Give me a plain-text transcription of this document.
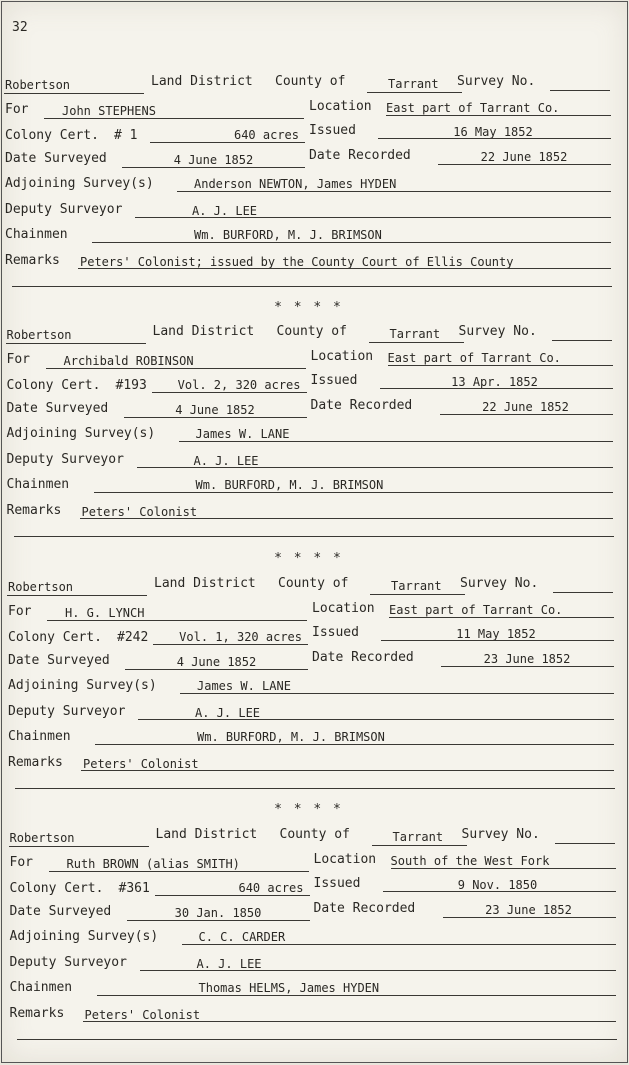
32
Robertson	Land District County of	Tarrant Survey No.
For	John STEPHENS	Location East part of Tarrant Co.
Colony Cert. # 1	640 acres Issued	16 May 1852
Date Surveyed	4 June 1852	Date Recorded	22 June 1852
Adjoining Survey(s)	Anderson NEWTON, James HYDEN
Deputy Surveyor	A. J. LEE
Chainmen	Wm. BURFORD, M. J. BRIMSON
Remarks Peters' Colonist; issued by the County Court of Ellis County
Robertson	Land District County of	Tarrant Survey No.
For	Archibald ROBINSON	Location East part of Tarrant Co.
Colony Cert. #193	Vol. 2, 320 acres Issued	13 Apr. 1852
Date Surveyed	4 June 1852	Date Recorded	22 June 1852
Adjoining Survey(s)	James W. LANE
Deputy Surveyor	A. J. LEE
Chainmen	Wm. BURFORD, M. J. BRIMSON
Remarks Peters' Colonist
Robertson	Land District County of	Tarrant Survey No.
For	H. G. LYNCH	Location East part of Tarrant Co.
Colony Cert. #242	Vol. 1, 320 acres Issued	11 May 1852
Date Surveyed	4 June 1852	Date Recorded	23 June 1852
Adjoining Survey(s)	James W. LANE
Deputy Surveyor	A. J. LEE
Chainmen	Wm. BURFORD, M. J. BRIMSON
Remarks Peters' Colonist
Robertson	Land District County of	Tarrant Survey No.
For	Ruth BROWN (alias SMITH)	Location South of the West Fork
Colony Cert. #361	640 acres Issued	9 Nov. 1850
Date Surveyed	30 Jan. 1850	Date Recorded	23 June 1852
Adjoining Survey(s)	C. C. CARDER
Deputy Surveyor	A. J. LEE
Chainmen	Thomas HELMS, James HYDEN
Remarks Peters' Colonist
* * * *
* * * *
* * * *
